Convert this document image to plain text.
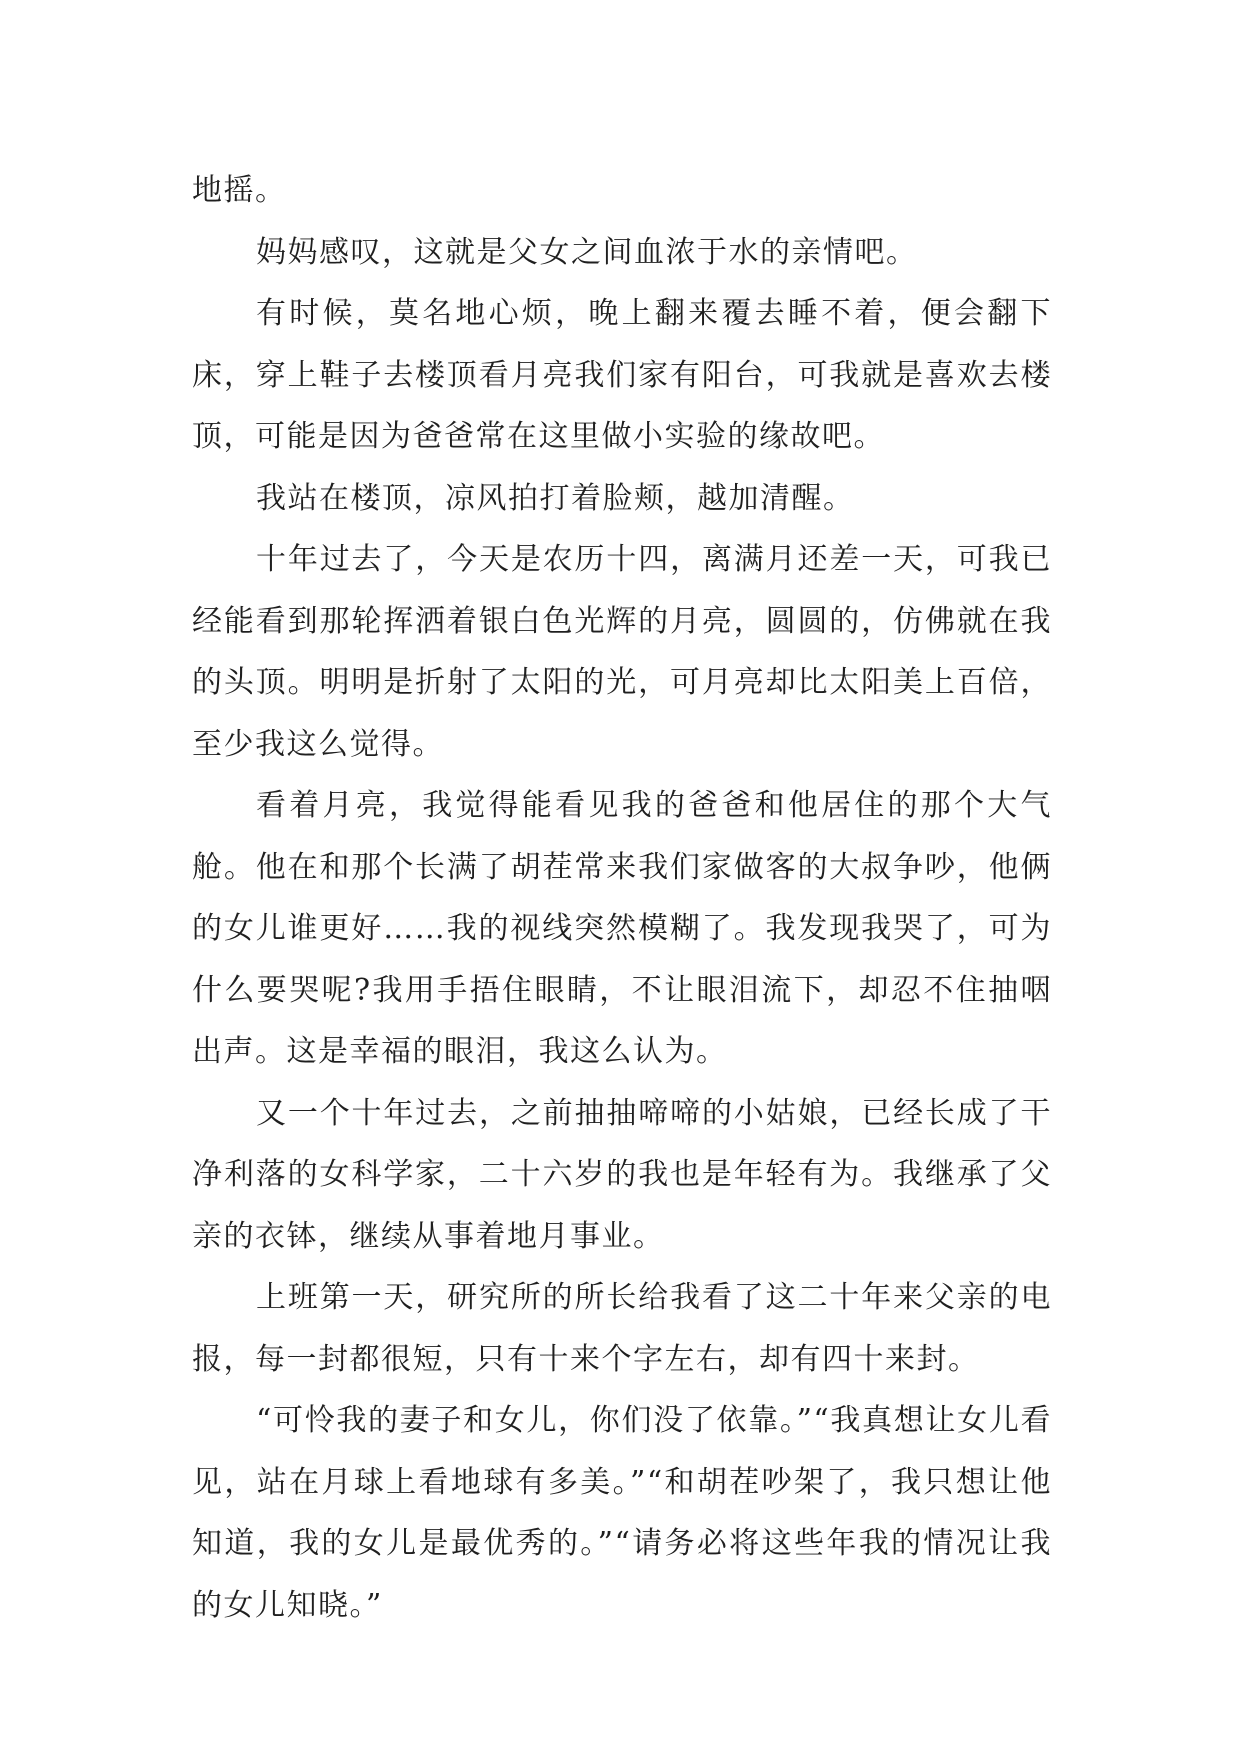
地摇。

妈妈感叹，这就是父女之间血浓于水的亲情吧。

有时候，莫名地心烦，晚上翻来覆去睡不着，便会翻下床，穿上鞋子去楼顶看月亮我们家有阳台，可我就是喜欢去楼顶，可能是因为爸爸常在这里做小实验的缘故吧。

我站在楼顶，凉风拍打着脸颊，越加清醒。

十年过去了，今天是农历十四，离满月还差一天，可我已经能看到那轮挥洒着银白色光辉的月亮，圆圆的，仿佛就在我的头顶。明明是折射了太阳的光，可月亮却比太阳美上百倍，至少我这么觉得。

看着月亮，我觉得能看见我的爸爸和他居住的那个大气舱。他在和那个长满了胡茬常来我们家做客的大叔争吵，他俩的女儿谁更好……我的视线突然模糊了。我发现我哭了，可为什么要哭呢?我用手捂住眼睛，不让眼泪流下，却忍不住抽咽出声。这是幸福的眼泪，我这么认为。

又一个十年过去，之前抽抽啼啼的小姑娘，已经长成了干净利落的女科学家，二十六岁的我也是年轻有为。我继承了父亲的衣钵，继续从事着地月事业。

上班第一天，研究所的所长给我看了这二十年来父亲的电报，每一封都很短，只有十来个字左右，却有四十来封。

“可怜我的妻子和女儿，你们没了依靠。”“我真想让女儿看见，站在月球上看地球有多美。”“和胡茬吵架了，我只想让他知道，我的女儿是最优秀的。”“请务必将这些年我的情况让我的女儿知晓。”
